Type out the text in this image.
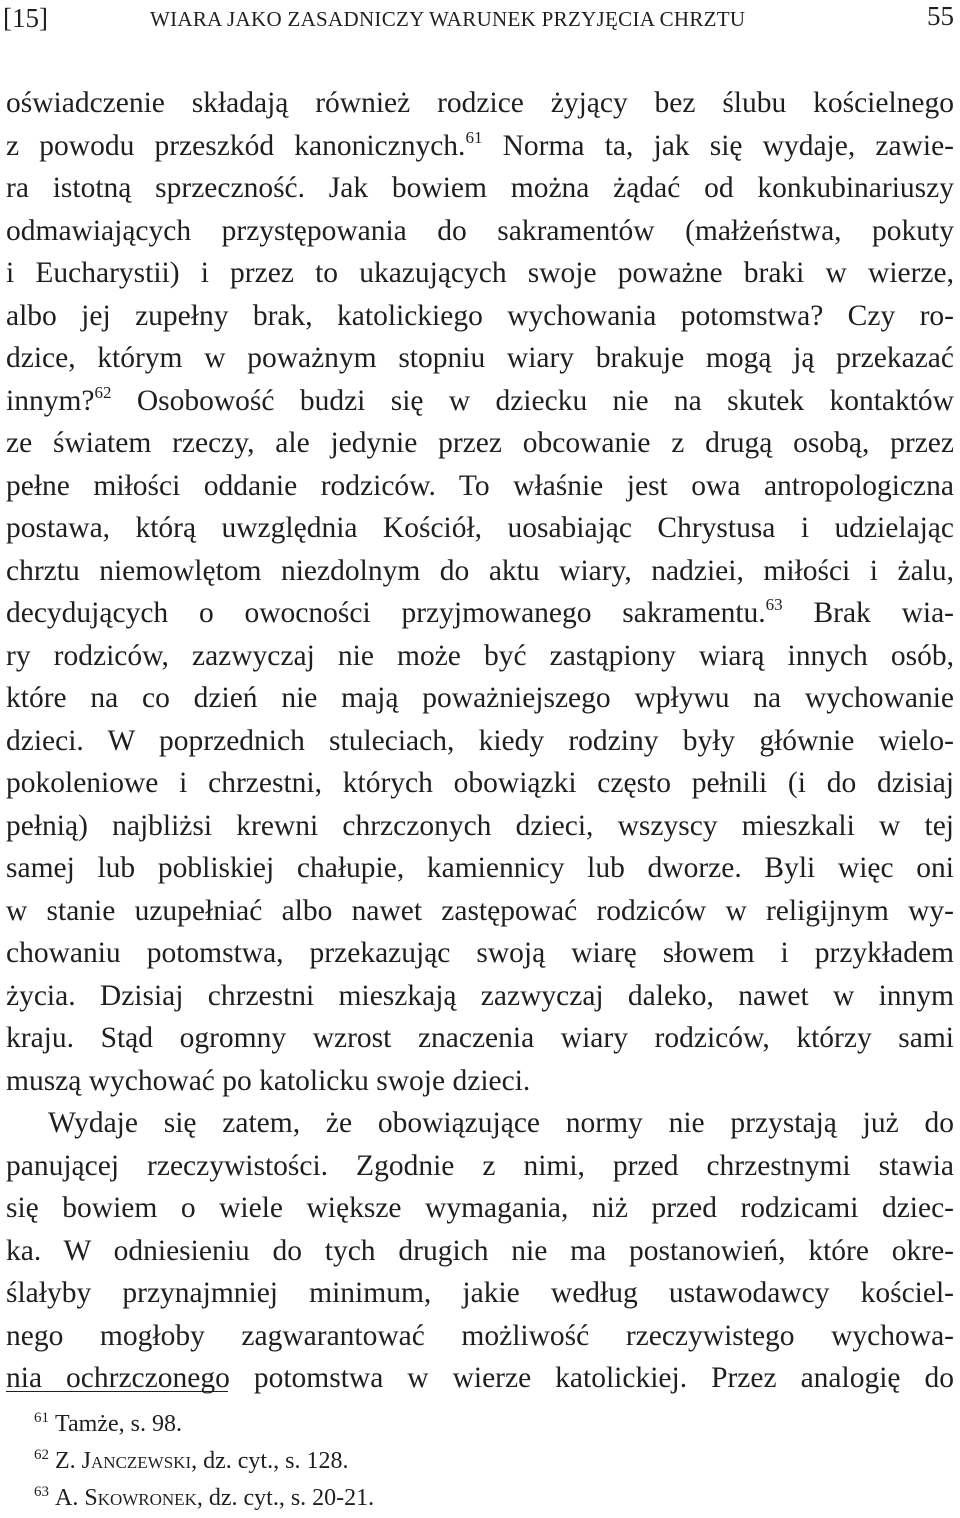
[15]	WIARA JAKO ZASADNICZY WARUNEK PRZYJĘCIA CHRZTU	55
oświadczenie składają również rodzice żyjący bez ślubu kościelnego
z powodu przeszkód kanonicznych.$^{61}$ Norma ta, jak się wydaje, zawie-
ra istotną sprzeczność. Jak bowiem można żądać od konkubinariuszy
odmawiających przystępowania do sakramentów (małżeństwa, pokuty
i Eucharystii) i przez to ukazujących swoje poważne braki w wierze,
albo jej zupełny brak, katolickiego wychowania potomstwa? Czy ro-
dzice, którym w poważnym stopniu wiary brakuje mogą ją przekazać
innym?$^{62}$ Osobowość budzi się w dziecku nie na skutek kontaktów
ze światem rzeczy, ale jedynie przez obcowanie z drugą osobą, przez
pełne miłości oddanie rodziców. To właśnie jest owa antropologiczna
postawa, którą uwzględnia Kościół, uosabiając Chrystusa i udzielając
chrztu niemowlętom niezdolnym do aktu wiary, nadziei, miłości i żalu,
decydujących o owocności przyjmowanego sakramentu.$^{63}$ Brak wia-
ry rodziców, zazwyczaj nie może być zastąpiony wiarą innych osób,
które na co dzień nie mają poważniejszego wpływu na wychowanie
dzieci. W poprzednich stuleciach, kiedy rodziny były głównie wielo-
pokoleniowe i chrzestni, których obowiązki często pełnili (i do dzisiaj
pełnią) najbliżsi krewni chrzczonych dzieci, wszyscy mieszkali w tej
samej lub pobliskiej chałupie, kamiennicy lub dworze. Byli więc oni
w stanie uzupełniać albo nawet zastępować rodziców w religijnym wy-
chowaniu potomstwa, przekazując swoją wiarę słowem i przykładem
życia. Dzisiaj chrzestni mieszkają zazwyczaj daleko, nawet w innym
kraju. Stąd ogromny wzrost znaczenia wiary rodziców, którzy sami
muszą wychować po katolicku swoje dzieci.
Wydaje się zatem, że obowiązujące normy nie przystają już do
panującej rzeczywistości. Zgodnie z nimi, przed chrzestnymi stawia
się bowiem o wiele większe wymagania, niż przed rodzicami dziec-
ka. W odniesieniu do tych drugich nie ma postanowień, które okre-
ślałyby przynajmniej minimum, jakie według ustawodawcy kościel-
nego mogłoby zagwarantować możliwość rzeczywistego wychowa-
nia ochrzczonego potomstwa w wierze katolickiej. Przez analogię do
$^{61}$ Tamże, s. 98.
$^{62}$ Z. Janczewski, dz. cyt., s. 128.
$^{63}$ A. Skowronek, dz. cyt., s. 20-21.
